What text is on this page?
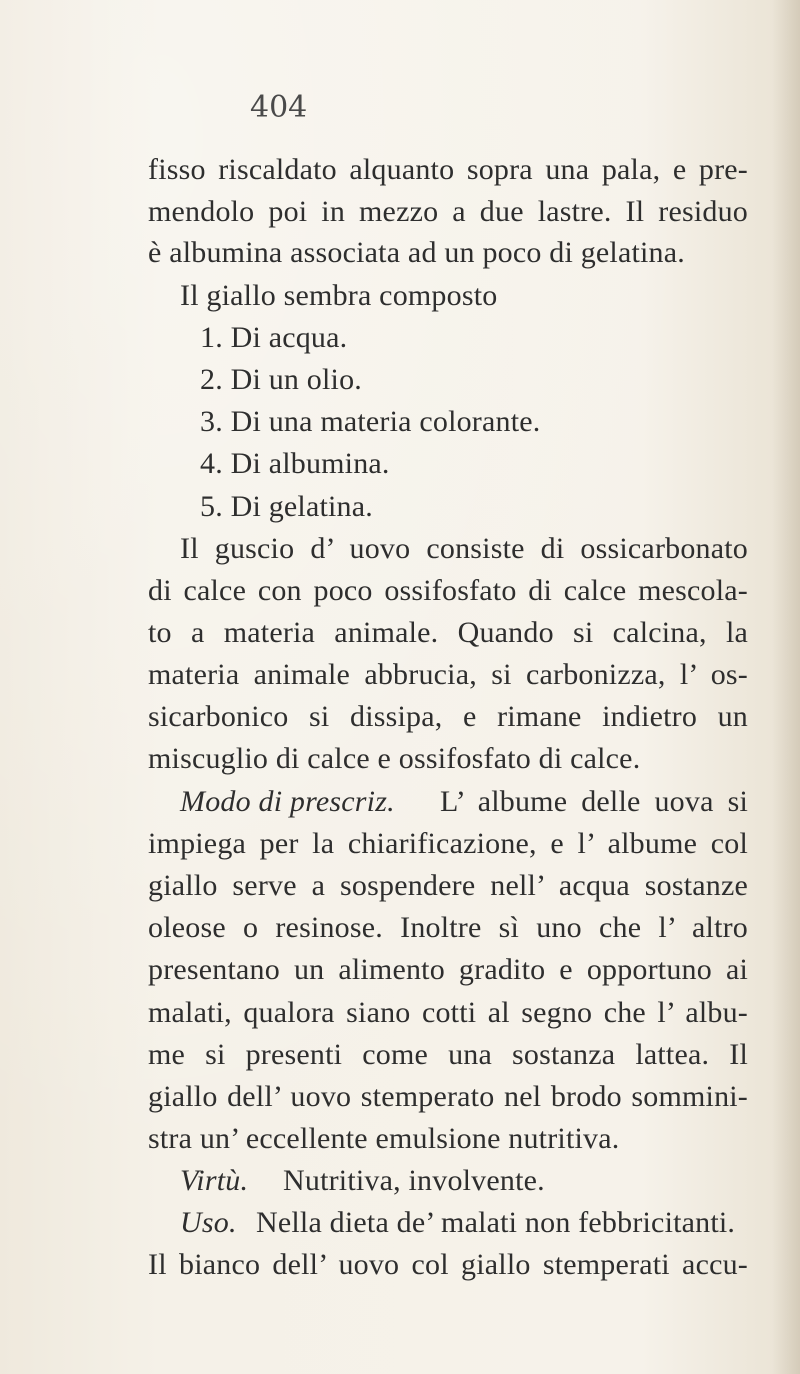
404
fisso riscaldato alquanto sopra una pala, e pre-
mendolo poi in mezzo a due lastre. Il residuo
è albumina associata ad un poco di gelatina.
Il giallo sembra composto
1. Di acqua.
2. Di un olio.
3. Di una materia colorante.
4. Di albumina.
5. Di gelatina.
Il guscio d’ uovo consiste di ossicarbonato
di calce con poco ossifosfato di calce mescola-
to a materia animale. Quando si calcina, la
materia animale abbrucia, si carbonizza, l’ os-
sicarbonico si dissipa, e rimane indietro un
miscuglio di calce e ossifosfato di calce.
Modo di prescriz. L’ albume delle uova si
impiega per la chiarificazione, e l’ albume col
giallo serve a sospendere nell’ acqua sostanze
oleose o resinose. Inoltre sì uno che l’ altro
presentano un alimento gradito e opportuno ai
malati, qualora siano cotti al segno che l’ albu-
me si presenti come una sostanza lattea. Il
giallo dell’ uovo stemperato nel brodo sommini-
stra un’ eccellente emulsione nutritiva.
Virtù. Nutritiva, involvente.
Uso. Nella dieta de’ malati non febbricitanti.
Il bianco dell’ uovo col giallo stemperati accu-
